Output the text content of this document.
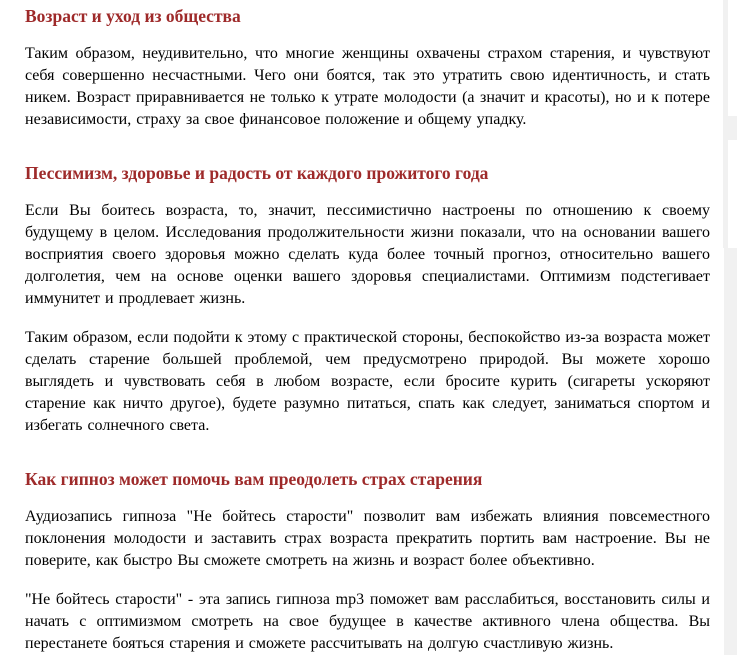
Возраст и уход из общества

Таким образом, неудивительно, что многие женщины охвачены страхом старения, и чувствуют себя совершенно несчастными. Чего они боятся, так это утратить свою идентичность, и стать никем. Возраст приравнивается не только к утрате молодости (а значит и красоты), но и к потере независимости, страху за свое финансовое положение и общему упадку.

Пессимизм, здоровье и радость от каждого прожитого года

Если Вы боитесь возраста, то, значит, пессимистично настроены по отношению к своему будущему в целом. Исследования продолжительности жизни показали, что на основании вашего восприятия своего здоровья можно сделать куда более точный прогноз, относительно вашего долголетия, чем на основе оценки вашего здоровья специалистами. Оптимизм подстегивает иммунитет и продлевает жизнь.

Таким образом, если подойти к этому с практической стороны, беспокойство из-за возраста может сделать старение большей проблемой, чем предусмотрено природой. Вы можете хорошо выглядеть и чувствовать себя в любом возрасте, если бросите курить (сигареты ускоряют старение как ничто другое), будете разумно питаться, спать как следует, заниматься спортом и избегать солнечного света.

Как гипноз может помочь вам преодолеть страх старения

Аудиозапись гипноза "Не бойтесь старости" позволит вам избежать влияния повсеместного поклонения молодости и заставить страх возраста прекратить портить вам настроение. Вы не поверите, как быстро Вы сможете смотреть на жизнь и возраст более объективно.

"Не бойтесь старости" - эта запись гипноза mp3 поможет вам расслабиться, восстановить силы и начать с оптимизмом смотреть на свое будущее в качестве активного члена общества. Вы перестанете бояться старения и сможете рассчитывать на долгую счастливую жизнь.
